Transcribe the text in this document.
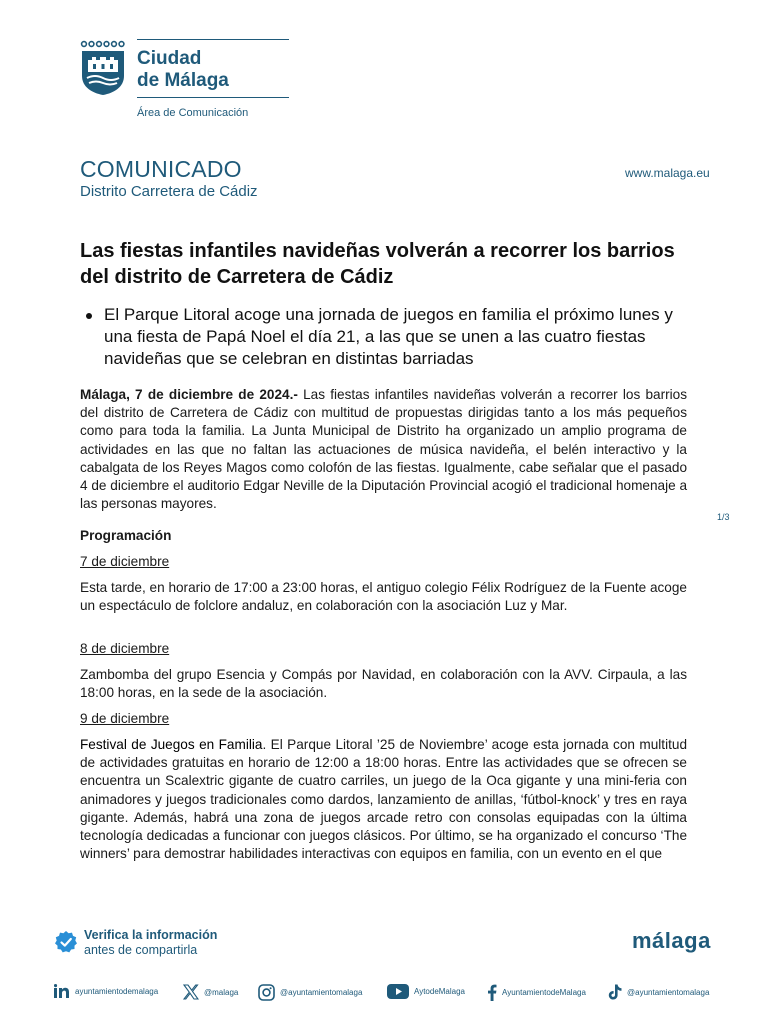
Ciudad
de Málaga
Área de Comunicación
COMUNICADO
Distrito Carretera de Cádiz
www.malaga.eu
Las fiestas infantiles navideñas volverán a recorrer los barrios del distrito de Carretera de Cádiz
El Parque Litoral acoge una jornada de juegos en familia el próximo lunes y una fiesta de Papá Noel el día 21, a las que se unen a las cuatro fiestas navideñas que se celebran en distintas barriadas
Málaga, 7 de diciembre de 2024.- Las fiestas infantiles navideñas volverán a recorrer los barrios del distrito de Carretera de Cádiz con multitud de propuestas dirigidas tanto a los más pequeños como para toda la familia. La Junta Municipal de Distrito ha organizado un amplio programa de actividades en las que no faltan las actuaciones de música navideña, el belén interactivo y la cabalgata de los Reyes Magos como colofón de las fiestas. Igualmente, cabe señalar que el pasado 4 de diciembre el auditorio Edgar Neville de la Diputación Provincial acogió el tradicional homenaje a las personas mayores.
1/3
Programación
7 de diciembre
Esta tarde, en horario de 17:00 a 23:00 horas, el antiguo colegio Félix Rodríguez de la Fuente acoge un espectáculo de folclore andaluz, en colaboración con la asociación Luz y Mar.
8 de diciembre
Zambomba del grupo Esencia y Compás por Navidad, en colaboración con la AVV. Cirpaula, a las 18:00 horas, en la sede de la asociación.
9 de diciembre
Festival de Juegos en Familia. El Parque Litoral ’25 de Noviembre’ acoge esta jornada con multitud de actividades gratuitas en horario de 12:00 a 18:00 horas. Entre las actividades que se ofrecen se encuentra un Scalextric gigante de cuatro carriles, un juego de la Oca gigante y una mini-feria con animadores y juegos tradicionales como dardos, lanzamiento de anillas, ‘fútbol-knock’ y tres en raya gigante. Además, habrá una zona de juegos arcade retro con consolas equipadas con la última tecnología dedicadas a funcionar con juegos clásicos. Por último, se ha organizado el concurso ‘The winners’ para demostrar habilidades interactivas con equipos en familia, con un evento en el que
Verifica la información
antes de compartirla	málaga
ayuntamientodemalaga	@malaga	@ayuntamientomalaga	AytodeMalaga	AyuntamientodeMalaga	@ayuntamientomalaga
